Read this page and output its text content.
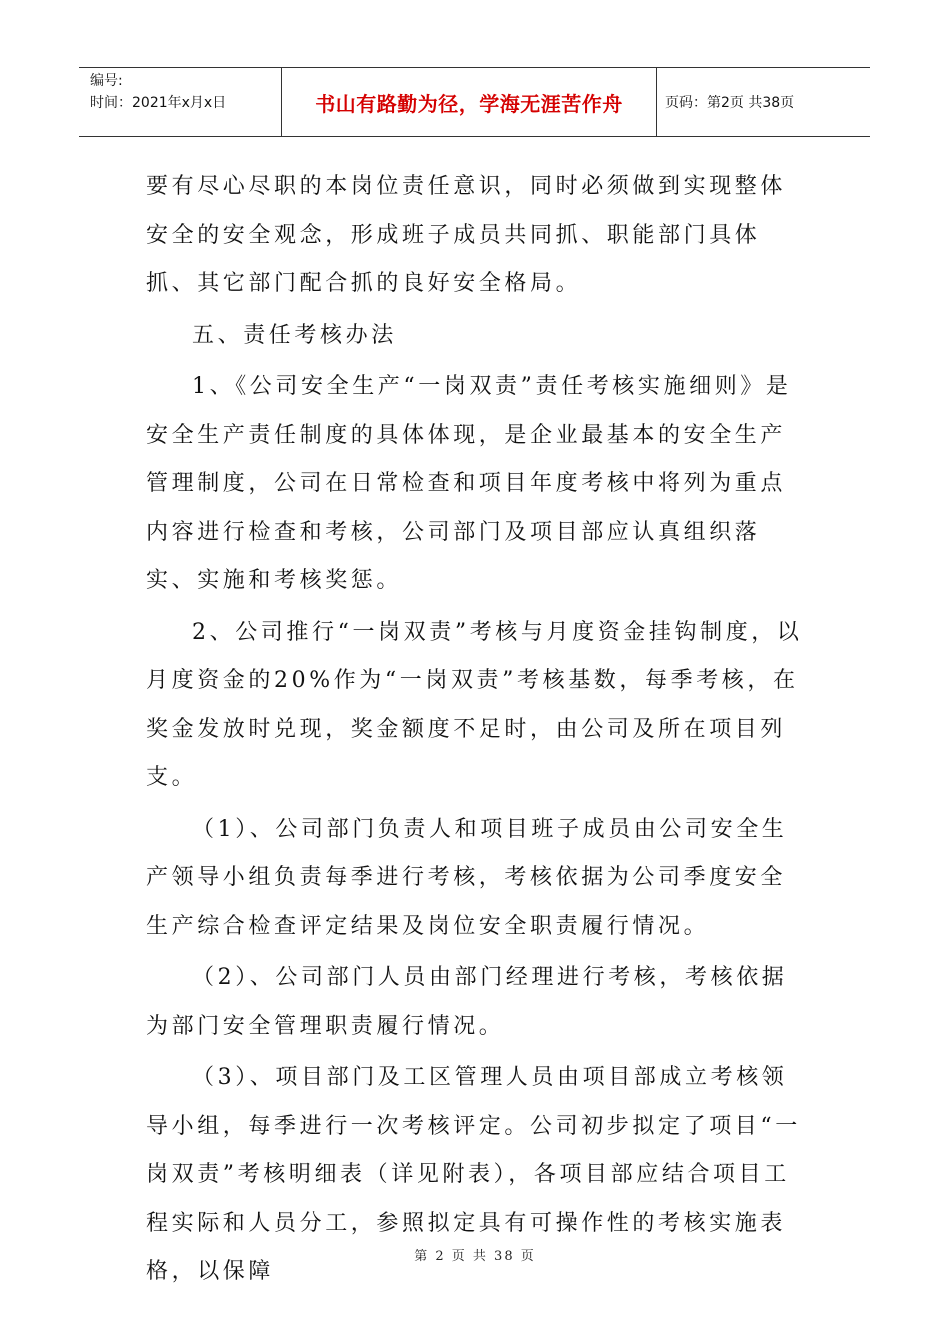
编号:
时间：2021年x月x日	书山有路勤为径，学海无涯苦作舟	页码：第2页 共38页

要有尽心尽职的本岗位责任意识，同时必须做到实现整体安全的安全观念，形成班子成员共同抓、职能部门具体抓、其它部门配合抓的良好安全格局。

五、责任考核办法

1、《公司安全生产“一岗双责”责任考核实施细则》是安全生产责任制度的具体体现，是企业最基本的安全生产管理制度，公司在日常检查和项目年度考核中将列为重点内容进行检查和考核，公司部门及项目部应认真组织落实、实施和考核奖惩。

2、公司推行“一岗双责”考核与月度资金挂钩制度，以月度资金的20%作为“一岗双责”考核基数，每季考核，在奖金发放时兑现，奖金额度不足时，由公司及所在项目列支。

（1）、公司部门负责人和项目班子成员由公司安全生产领导小组负责每季进行考核，考核依据为公司季度安全生产综合检查评定结果及岗位安全职责履行情况。

（2）、公司部门人员由部门经理进行考核，考核依据为部门安全管理职责履行情况。

（3）、项目部门及工区管理人员由项目部成立考核领导小组，每季进行一次考核评定。公司初步拟定了项目“一岗双责”考核明细表（详见附表），各项目部应结合项目工程实际和人员分工，参照拟定具有可操作性的考核实施表格，以保障

第 2 页 共 38 页
